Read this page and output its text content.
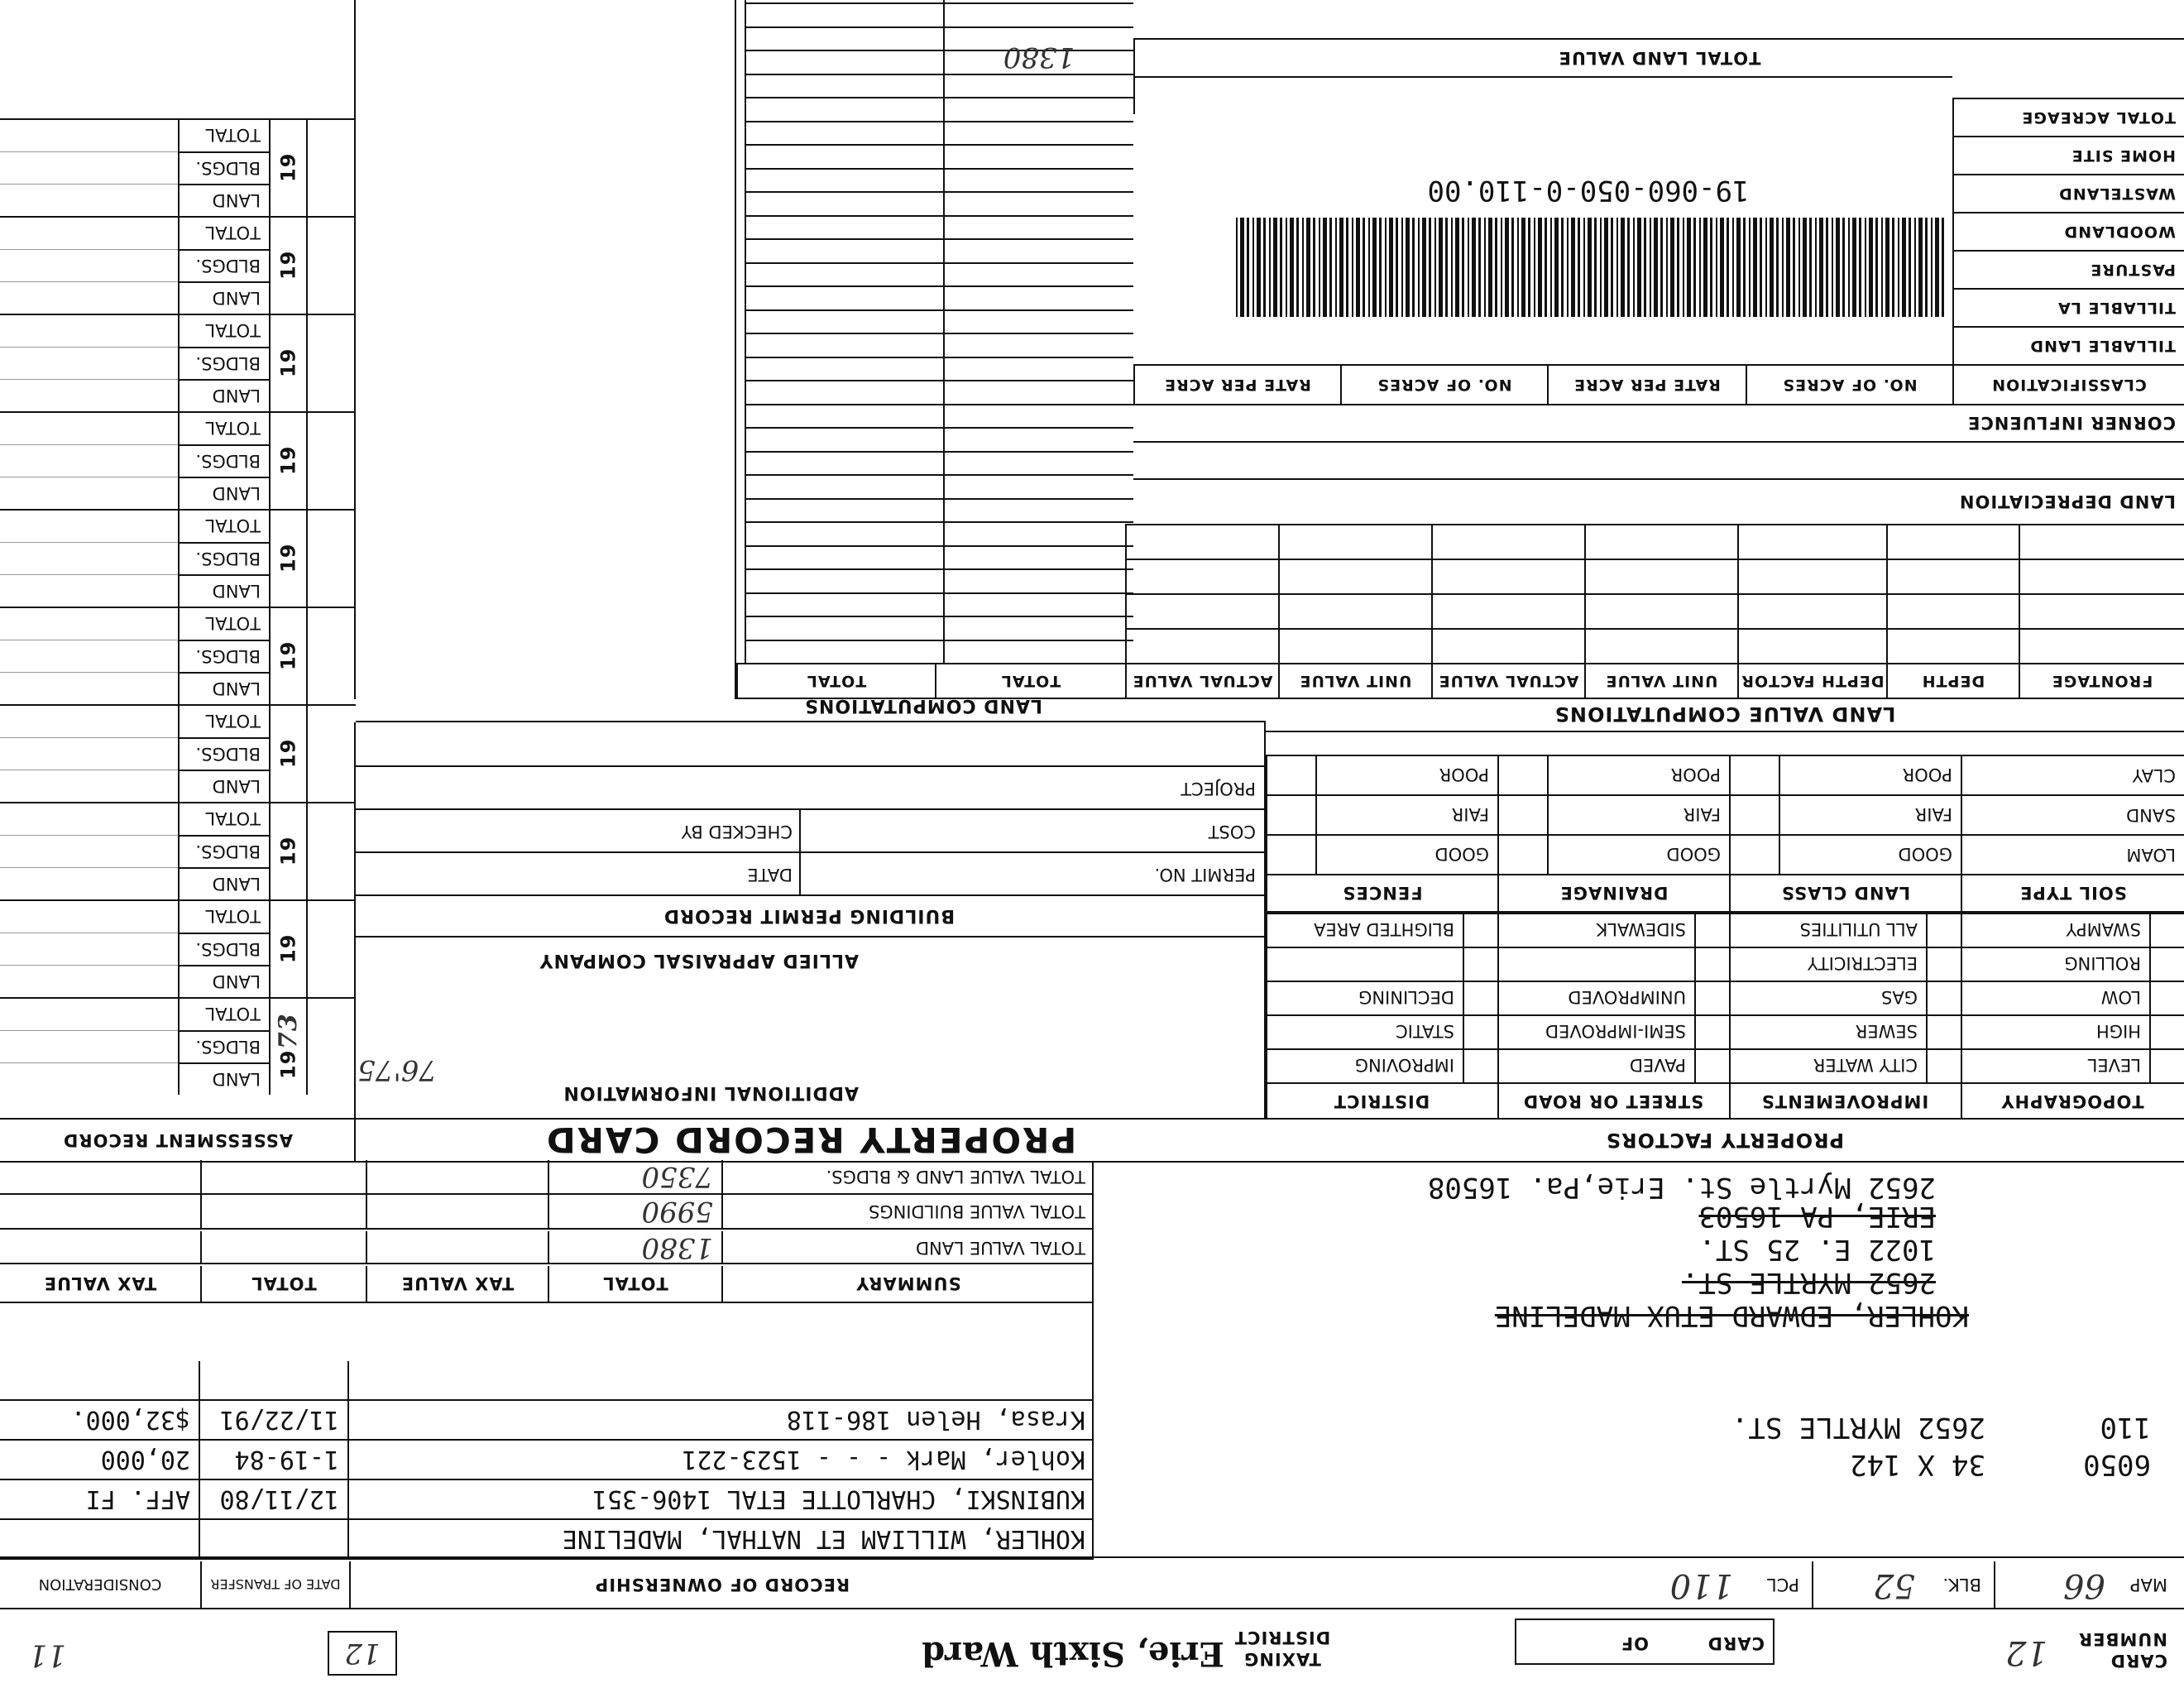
CARD NUMBER
12
CARD
OF
TAXING DISTRICT
Erie, Sixth Ward
12
11
MAP
66
BLK.
52
PCL
110
6050
34 X 142
110
2652 MYRTLE ST.
KOHLER, EDWARD ETUX MADELINE
2652 MYRTLE ST.
1022 E. 25 ST.
ERIE, PA 16503
2652 Myrtle St. Erie,Pa. 16508
RECORD OF OWNERSHIP
DATE OF TRANSFER
CONSIDERATION
KOHLER, WILLIAM ET NATHAL, MADELINE
KUBINSKI, CHARLOTTE ETAL 1406-351
12/11/80
AFF. FI
Kohler, Mark - - - 1523-221
1-19-84
20,000
Krasa, Helen 186-118
11/22/91
$32,000.
SUMMARY
TOTAL
TAX VALUE
TOTAL
TAX VALUE
TOTAL VALUE LAND
1380
TOTAL VALUE BUILDINGS
5990
TOTAL VALUE LAND & BLDGS.
7350
PROPERTY FACTORS
PROPERTY RECORD CARD
ASSESSMENT RECORD
TOPOGRAPHY
LEVEL
HIGH
LOW
ROLLING
SWAMPY
IMPROVEMENTS
CITY WATER
SEWER
GAS
ELECTRICITY
ALL UTILITIES
STREET OR ROAD
PAVED
SEMI-IMPROVED
UNIMPROVED
SIDEWALK
DISTRICT
IMPROVING
STATIC
DECLINING
BLIGHTED AREA
SOIL TYPE
LAND CLASS
DRAINAGE
FENCES
LOAM
GOOD
GOOD
GOOD
SAND
FAIR
FAIR
FAIR
CLAY
POOR
POOR
POOR
ADDITIONAL INFORMATION
ALLIED APPRAISAL COMPANY
76'75
BUILDING PERMIT RECORD
PERMIT NO.
DATE
COST
CHECKED BY
PROJECT
19
73
LAND
BLDGS.
TOTAL
19
LAND
BLDGS.
TOTAL
19
LAND
BLDGS.
TOTAL
19
LAND
BLDGS.
TOTAL
19
LAND
BLDGS.
TOTAL
19
LAND
BLDGS.
TOTAL
19
LAND
BLDGS.
TOTAL
19
LAND
BLDGS.
TOTAL
19
LAND
BLDGS.
TOTAL
19
LAND
BLDGS.
TOTAL
LAND VALUE COMPUTATIONS
LAND COMPUTATIONS
FRONTAGE
DEPTH
DEPTH FACTOR
UNIT VALUE
ACTUAL VALUE
UNIT VALUE
ACTUAL VALUE
TOTAL
TOTAL
LAND DEPRECIATION
CORNER INFLUENCE
CLASSIFICATION
NO. OF ACRES
RATE PER ACRE
NO. OF ACRES
RATE PER ACRE
TILLABLE LAND
TILLABLE LA
PASTURE
WOODLAND
WASTELAND
HOME SITE
TOTAL ACREAGE
TOTAL LAND VALUE
1380
19-060-050-0-110.00
